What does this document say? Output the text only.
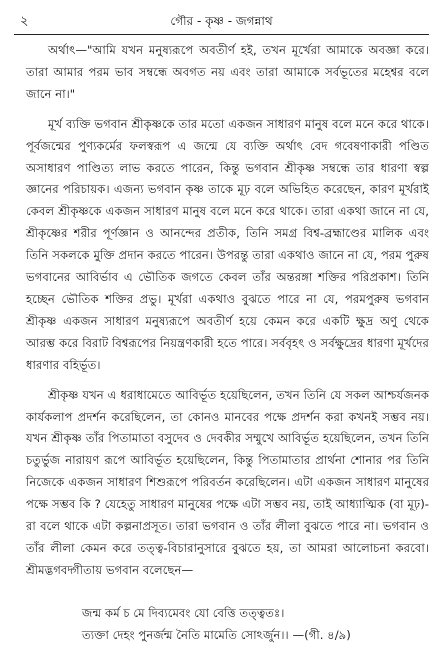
২	গৌর - কৃষ্ণ - জগন্নাথ

অর্থাৎ—"আমি যখন মনুষ্যরূপে অবতীর্ণ হই, তখন মূর্খেরা আমাকে অবজ্ঞা করে। তারা আমার পরম ভাব সম্বন্ধে অবগত নয় এবং তারা আমাকে সর্বভূতের মহেশ্বর বলে জানে না।"

মূর্খ ব্যক্তি ভগবান শ্রীকৃষ্ণকে তার মতো একজন সাধারণ মানুষ বলে মনে করে থাকে। পূর্বজন্মের পুণ্যকর্মের ফলস্বরূপ এ জন্মে যে ব্যক্তি অর্থাৎ বেদ গবেষণাকারী পণ্ডিত অসাধারণ পাণ্ডিত্য লাভ করতে পারেন, কিন্তু ভগবান শ্রীকৃষ্ণ সম্বন্ধে তার ধারণা স্বল্প জ্ঞানের পরিচায়ক। এজন্য ভগবান কৃষ্ণ তাকে মূঢ় বলে অভিহিত করেছেন, কারণ মূর্খরাই কেবল শ্রীকৃষ্ণকে একজন সাধারণ মানুষ বলে মনে করে থাকে। তারা একথা জানে না যে, শ্রীকৃষ্ণের শরীর পূর্ণজ্ঞান ও আনন্দের প্রতীক, তিনি সমগ্র বিশ্ব-ব্রহ্মাণ্ডের মালিক এবং তিনি সকলকে মুক্তি প্রদান করতে পারেন। উপরন্তু তারা একথাও জানে না যে, পরম পুরুষ ভগবানের আবির্ভাব এ ভৌতিক জগতে কেবল তাঁর অন্তরঙ্গা শক্তির পরিপ্রকাশ। তিনি হচ্ছেন ভৌতিক শক্তির প্রভু। মূর্খরা একথাও বুঝতে পারে না যে, পরমপুরুষ ভগবান শ্রীকৃষ্ণ একজন সাধারণ মনুষ্যরূপে অবতীর্ণ হয়ে কেমন করে একটি ক্ষুদ্র অণু থেকে আরম্ভ করে বিরাট বিশ্বরূপের নিয়ন্ত্রণকারী হতে পারে। সর্ববৃহৎ ও সর্বক্ষুদ্রের ধারণা মূর্খদের ধারণার বহির্ভূত।

শ্রীকৃষ্ণ যখন এ ধরাধামেতে আবির্ভূত হয়েছিলেন, তখন তিনি যে সকল আশ্চর্যজনক কার্যকলাপ প্রদর্শন করেছিলেন, তা কোনও মানবের পক্ষে প্রদর্শন করা কখনই সম্ভব নয়। যখন শ্রীকৃষ্ণ তাঁর পিতামাতা বসুদেব ও দেবকীর সম্মুখে আবির্ভূত হয়েছিলেন, তখন তিনি চতুর্ভুজ নারায়ণ রূপে আবির্ভূত হয়েছিলেন, কিন্তু পিতামাতার প্রার্থনা শোনার পর তিনি নিজেকে একজন সাধারণ শিশুরূপে পরিবর্তন করেছিলেন। এটা একজন সাধারণ মানুষের পক্ষে সম্ভব কি ? যেহেতু সাধারণ মানুষের পক্ষে এটা সম্ভব নয়, তাই আধ্যাত্মিক (বা মূঢ়)-রা বলে থাকে এটা কল্পনাপ্রসূত। তারা ভগবান ও তাঁর লীলা বুঝতে পারে না। ভগবান ও তাঁর লীলা কেমন করে তত্ত্ব-বিচারানুসারে বুঝতে হয়, তা আমরা আলোচনা করবো। শ্রীমদ্ভগবদ্গীতায় ভগবান বলেছেন—

জন্ম কর্ম চ মে দিব্যমেবং যো বেত্তি তত্ত্বতঃ।
ত্যক্তা দেহং পুনর্জন্ম নৈতি মামেতি সোঽর্জুন।। —(গী. ৪/৯)
